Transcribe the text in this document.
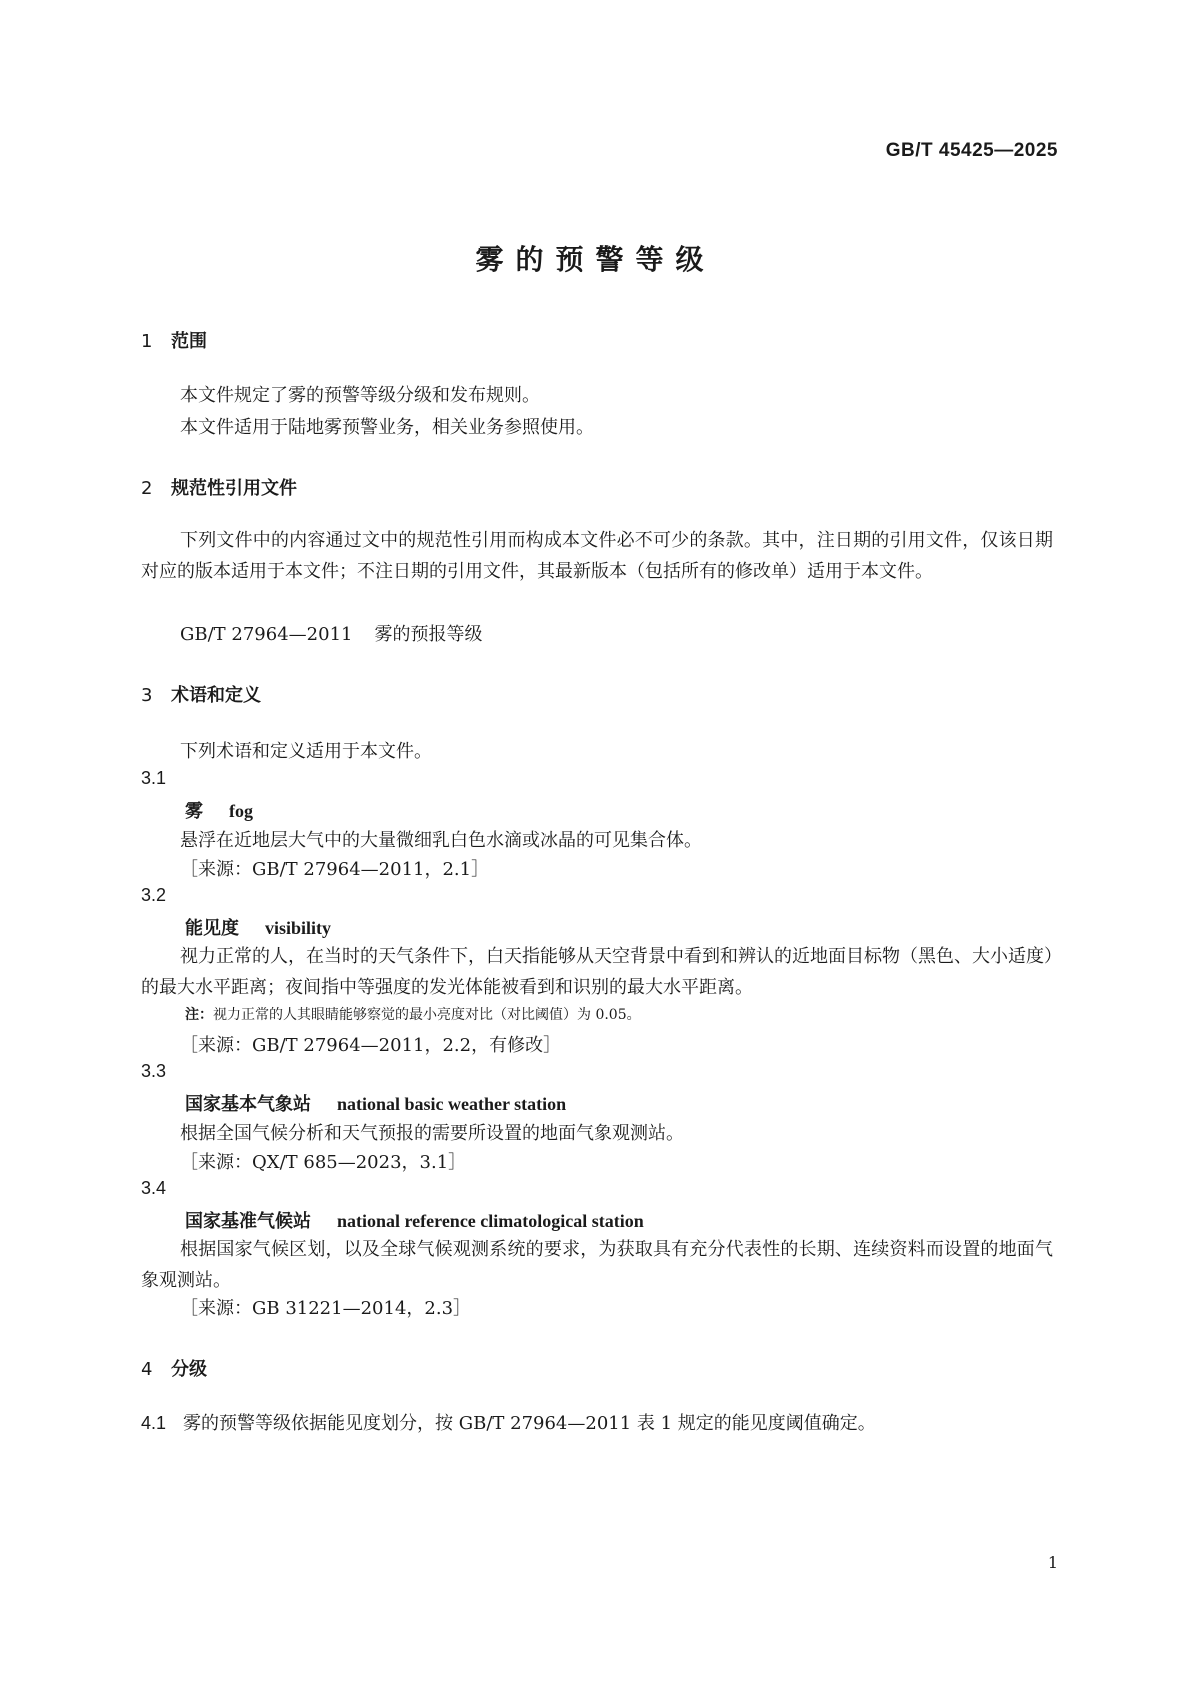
GB/T 45425—2025
雾的预警等级
1 范围
本文件规定了雾的预警等级分级和发布规则。
本文件适用于陆地雾预警业务，相关业务参照使用。
2 规范性引用文件
下列文件中的内容通过文中的规范性引用而构成本文件必不可少的条款。其中，注日期的引用文件，仅该日期对应的版本适用于本文件；不注日期的引用文件，其最新版本（包括所有的修改单）适用于本文件。
GB/T 27964—2011 雾的预报等级
3 术语和定义
下列术语和定义适用于本文件。
3.1
雾 fog
悬浮在近地层大气中的大量微细乳白色水滴或冰晶的可见集合体。
［来源：GB/T 27964—2011，2.1］
3.2
能见度 visibility
视力正常的人，在当时的天气条件下，白天指能够从天空背景中看到和辨认的近地面目标物（黑色、大小适度）的最大水平距离；夜间指中等强度的发光体能被看到和识别的最大水平距离。
注：视力正常的人其眼睛能够察觉的最小亮度对比（对比阈值）为 0.05。
［来源：GB/T 27964—2011，2.2，有修改］
3.3
国家基本气象站 national basic weather station
根据全国气候分析和天气预报的需要所设置的地面气象观测站。
［来源：QX/T 685—2023，3.1］
3.4
国家基准气候站 national reference climatological station
根据国家气候区划，以及全球气候观测系统的要求，为获取具有充分代表性的长期、连续资料而设置的地面气象观测站。
［来源：GB 31221—2014，2.3］
4 分级
4.1 雾的预警等级依据能见度划分，按 GB/T 27964—2011 表 1 规定的能见度阈值确定。
1
